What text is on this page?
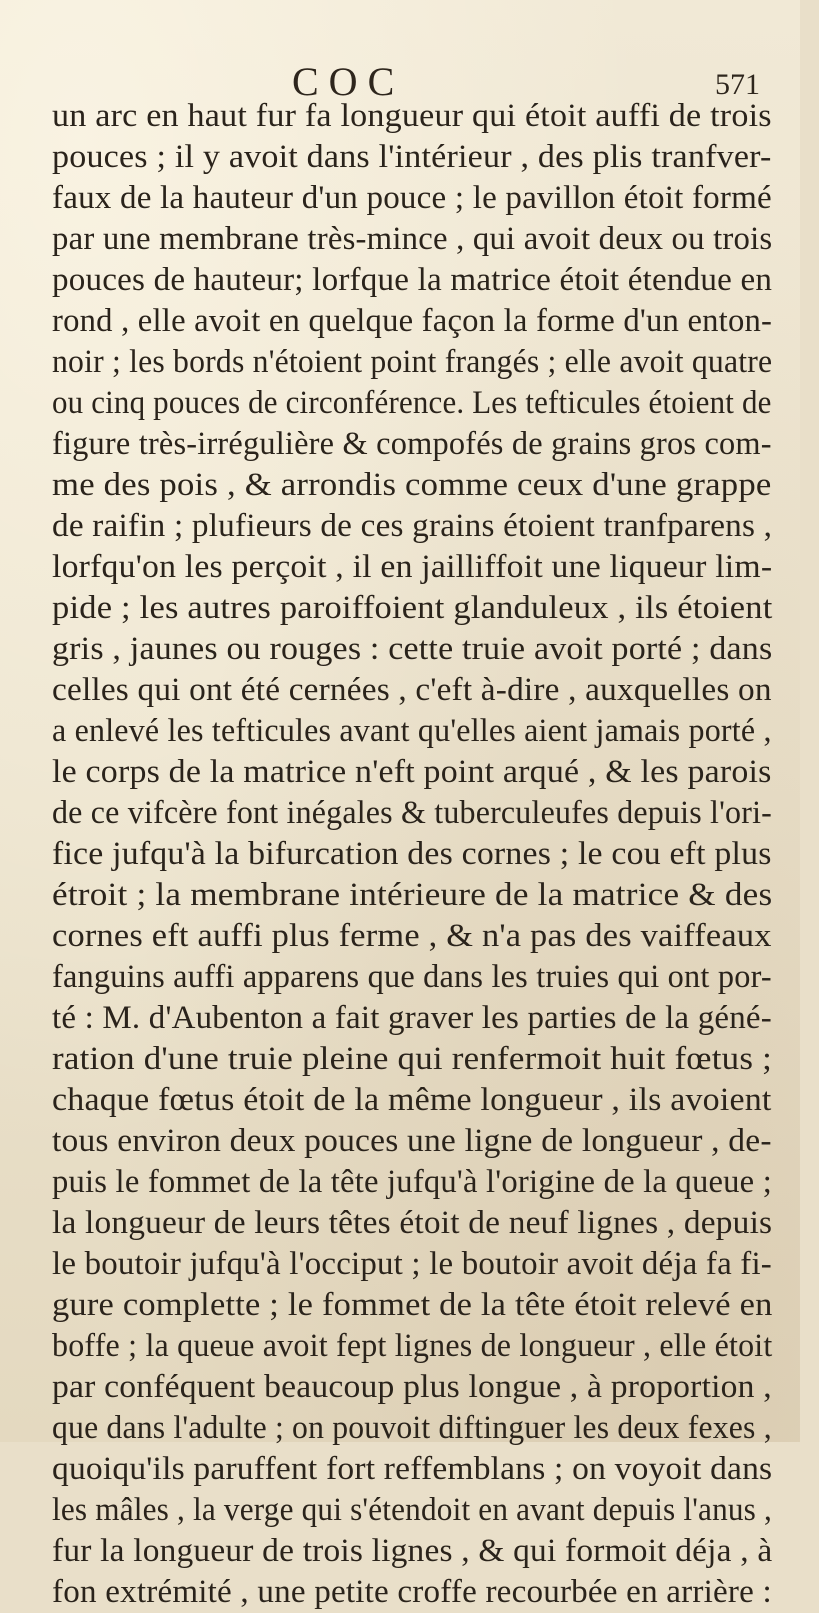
COC	571
un arc en haut fur fa longueur qui étoit auffi de trois
pouces ; il y avoit dans l'intérieur , des plis tranfver-
faux de la hauteur d'un pouce ; le pavillon étoit formé
par une membrane très-mince , qui avoit deux ou trois
pouces de hauteur; lorfque la matrice étoit étendue en
rond , elle avoit en quelque façon la forme d'un enton-
noir ; les bords n'étoient point frangés ; elle avoit quatre
ou cinq pouces de circonférence. Les tefticules étoient de
figure très-irrégulière & compofés de grains gros com-
me des pois , & arrondis comme ceux d'une grappe
de raifin ; plufieurs de ces grains étoient tranfparens ,
lorfqu'on les perçoit , il en jailliffoit une liqueur lim-
pide ; les autres paroiffoient glanduleux , ils étoient
gris , jaunes ou rouges : cette truie avoit porté ; dans
celles qui ont été cernées , c'eft à-dire , auxquelles on
a enlevé les tefticules avant qu'elles aient jamais porté ,
le corps de la matrice n'eft point arqué , & les parois
de ce vifcère font inégales & tuberculeufes depuis l'ori-
fice jufqu'à la bifurcation des cornes ; le cou eft plus
étroit ; la membrane intérieure de la matrice & des
cornes eft auffi plus ferme , & n'a pas des vaiffeaux
fanguins auffi apparens que dans les truies qui ont por-
té : M. d'Aubenton a fait graver les parties de la géné-
ration d'une truie pleine qui renfermoit huit fœtus ;
chaque fœtus étoit de la même longueur , ils avoient
tous environ deux pouces une ligne de longueur , de-
puis le fommet de la tête jufqu'à l'origine de la queue ;
la longueur de leurs têtes étoit de neuf lignes , depuis
le boutoir jufqu'à l'occiput ; le boutoir avoit déja fa fi-
gure complette ; le fommet de la tête étoit relevé en
boffe ; la queue avoit fept lignes de longueur , elle étoit
par conféquent beaucoup plus longue , à proportion ,
que dans l'adulte ; on pouvoit diftinguer les deux fexes ,
quoiqu'ils paruffent fort reffemblans ; on voyoit dans
les mâles , la verge qui s'étendoit en avant depuis l'anus ,
fur la longueur de trois lignes , & qui formoit déja , à
fon extrémité , une petite croffe recourbée en arrière :
